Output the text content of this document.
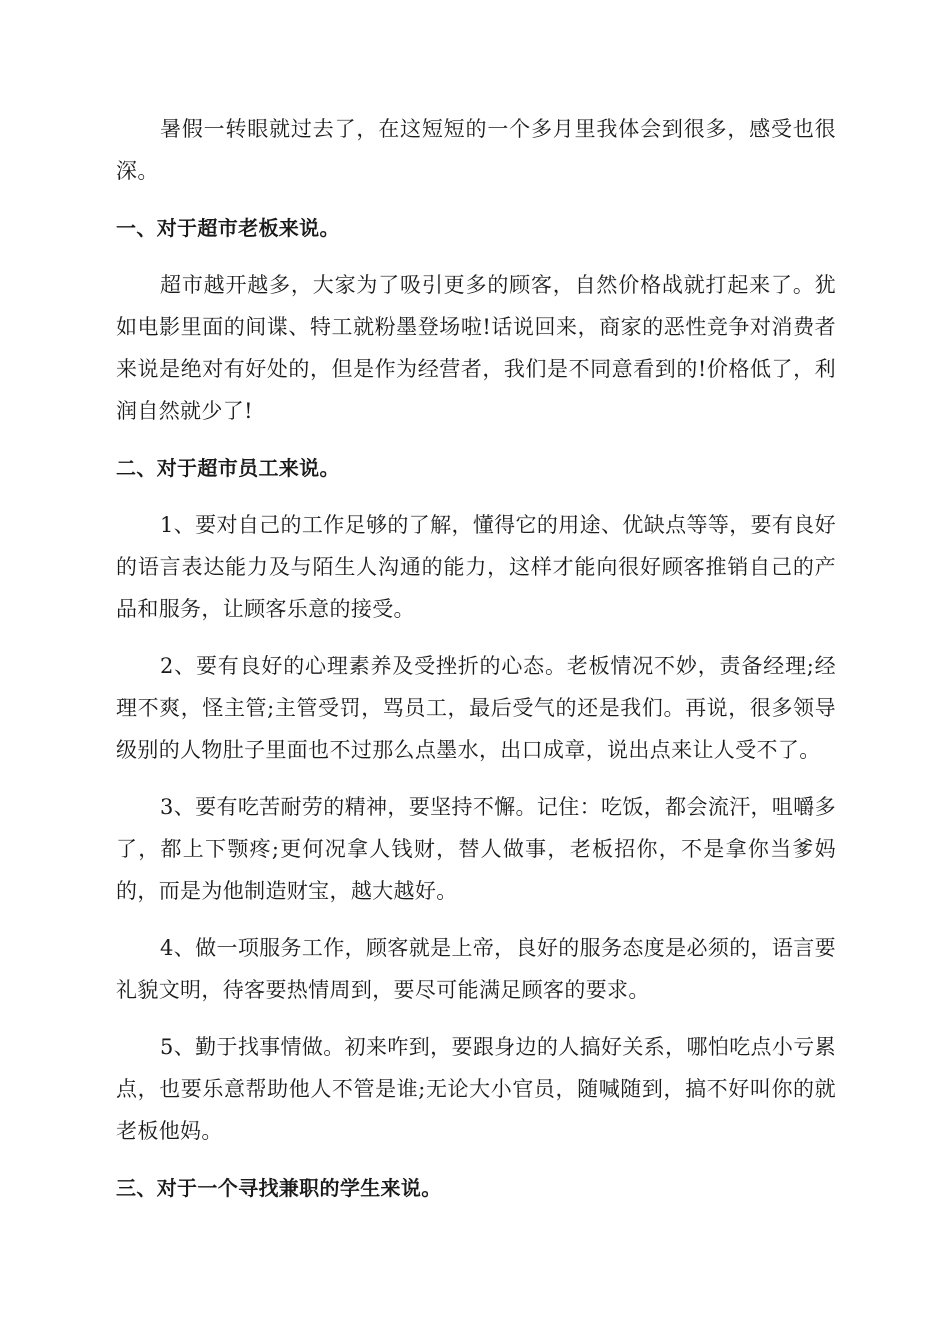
暑假一转眼就过去了，在这短短的一个多月里我体会到很多，感受也很深。

一、对于超市老板来说。

超市越开越多，大家为了吸引更多的顾客，自然价格战就打起来了。犹如电影里面的间谍、特工就粉墨登场啦!话说回来，商家的恶性竞争对消费者来说是绝对有好处的，但是作为经营者，我们是不同意看到的!价格低了，利润自然就少了!

二、对于超市员工来说。

1、要对自己的工作足够的了解，懂得它的用途、优缺点等等，要有良好的语言表达能力及与陌生人沟通的能力，这样才能向很好顾客推销自己的产品和服务，让顾客乐意的接受。

2、要有良好的心理素养及受挫折的心态。老板情况不妙，责备经理;经理不爽，怪主管;主管受罚，骂员工，最后受气的还是我们。再说，很多领导级别的人物肚子里面也不过那么点墨水，出口成章，说出点来让人受不了。

3、要有吃苦耐劳的精神，要坚持不懈。记住：吃饭，都会流汗，咀嚼多了，都上下颚疼;更何况拿人钱财，替人做事，老板招你，不是拿你当爹妈的，而是为他制造财宝，越大越好。

4、做一项服务工作，顾客就是上帝，良好的服务态度是必须的，语言要礼貌文明，待客要热情周到，要尽可能满足顾客的要求。

5、勤于找事情做。初来咋到，要跟身边的人搞好关系，哪怕吃点小亏累点，也要乐意帮助他人不管是谁;无论大小官员，随喊随到，搞不好叫你的就老板他妈。

三、对于一个寻找兼职的学生来说。
